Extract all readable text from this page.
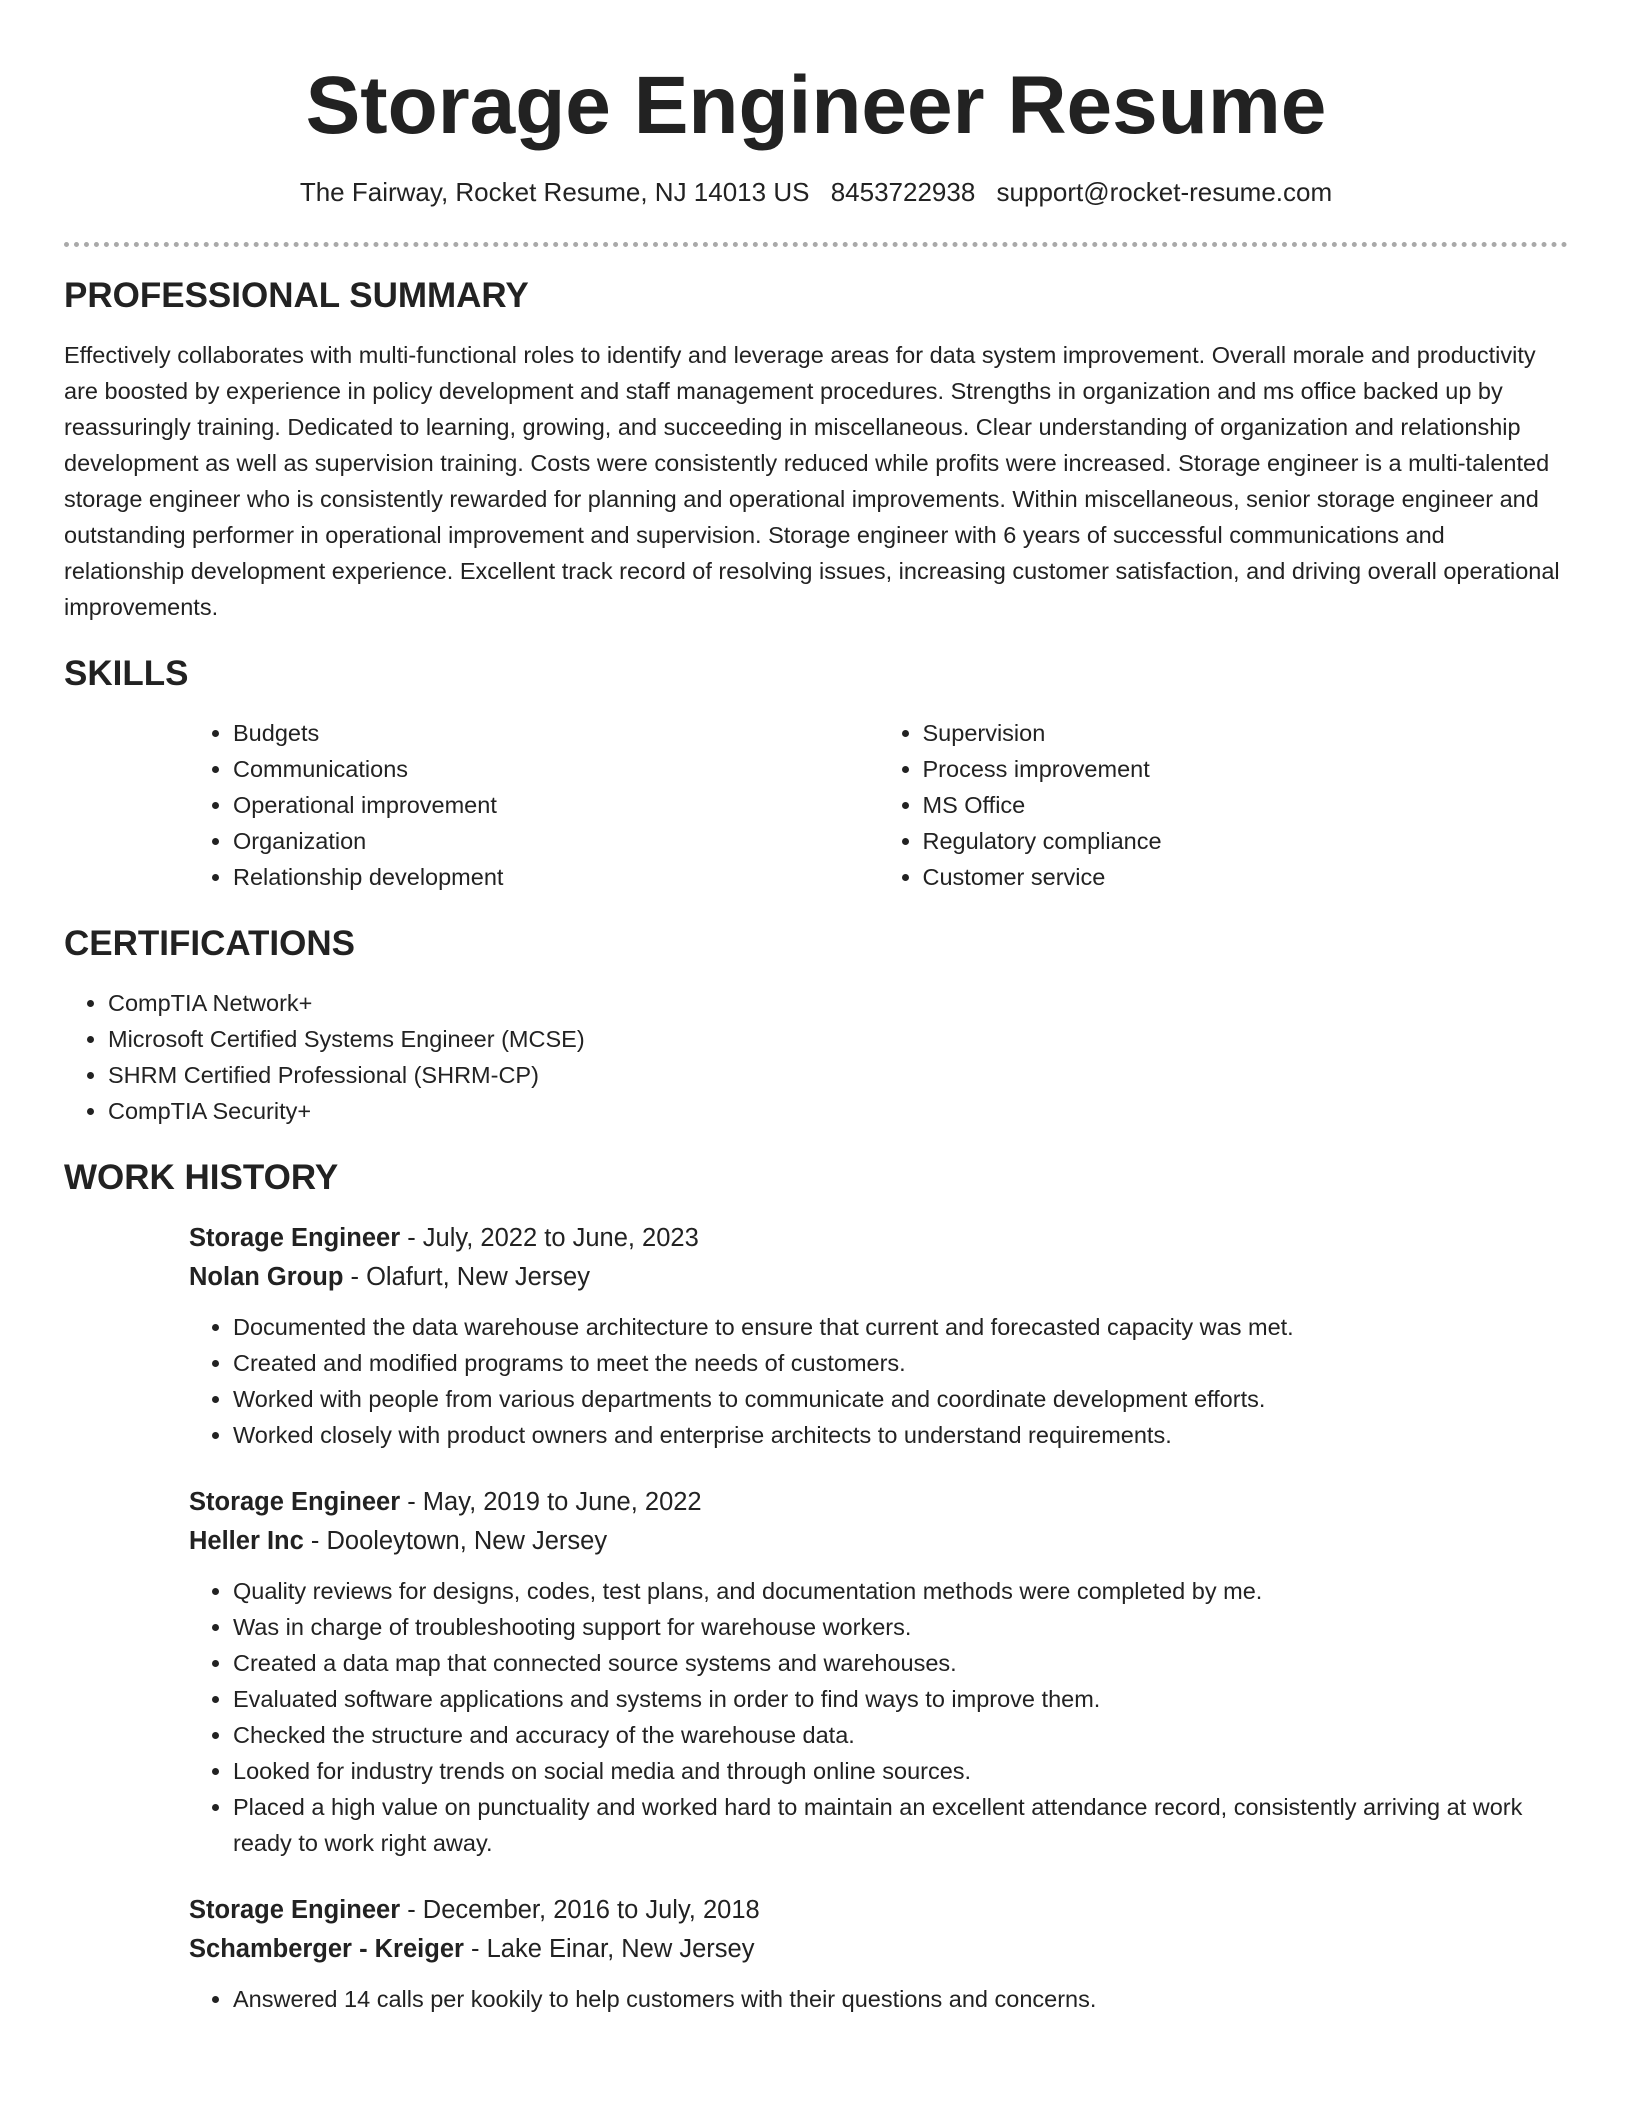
Storage Engineer Resume
The Fairway, Rocket Resume, NJ 14013 US 8453722938 support@rocket-resume.com
PROFESSIONAL SUMMARY

Effectively collaborates with multi-functional roles to identify and leverage areas for data system improvement. Overall morale and productivity are boosted by experience in policy development and staff management procedures. Strengths in organization and ms office backed up by reassuringly training. Dedicated to learning, growing, and succeeding in miscellaneous. Clear understanding of organization and relationship development as well as supervision training. Costs were consistently reduced while profits were increased. Storage engineer is a multi-talented storage engineer who is consistently rewarded for planning and operational improvements. Within miscellaneous, senior storage engineer and outstanding performer in operational improvement and supervision. Storage engineer with 6 years of successful communications and relationship development experience. Excellent track record of resolving issues, increasing customer satisfaction, and driving overall operational improvements.

SKILLS
• Budgets
• Communications
• Operational improvement
• Organization
• Relationship development
• Supervision
• Process improvement
• MS Office
• Regulatory compliance
• Customer service
CERTIFICATIONS
• CompTIA Network+
• Microsoft Certified Systems Engineer (MCSE)
• SHRM Certified Professional (SHRM-CP)
• CompTIA Security+
WORK HISTORY
Storage Engineer - July, 2022 to June, 2023
Nolan Group - Olafurt, New Jersey
• Documented the data warehouse architecture to ensure that current and forecasted capacity was met.
• Created and modified programs to meet the needs of customers.
• Worked with people from various departments to communicate and coordinate development efforts.
• Worked closely with product owners and enterprise architects to understand requirements.
Storage Engineer - May, 2019 to June, 2022
Heller Inc - Dooleytown, New Jersey
• Quality reviews for designs, codes, test plans, and documentation methods were completed by me.
• Was in charge of troubleshooting support for warehouse workers.
• Created a data map that connected source systems and warehouses.
• Evaluated software applications and systems in order to find ways to improve them.
• Checked the structure and accuracy of the warehouse data.
• Looked for industry trends on social media and through online sources.
• Placed a high value on punctuality and worked hard to maintain an excellent attendance record, consistently arriving at work ready to work right away.
Storage Engineer - December, 2016 to July, 2018
Schamberger - Kreiger - Lake Einar, New Jersey
• Answered 14 calls per kookily to help customers with their questions and concerns.
